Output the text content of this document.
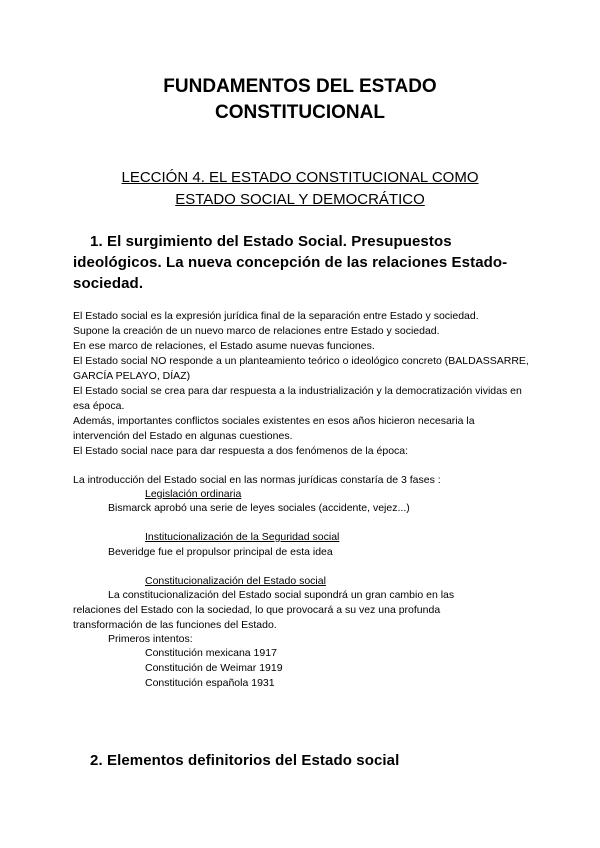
FUNDAMENTOS DEL ESTADO
CONSTITUCIONAL
LECCIÓN 4. EL ESTADO CONSTITUCIONAL COMO
ESTADO SOCIAL Y DEMOCRÁTICO
1. El surgimiento del Estado Social. Presupuestos ideológicos. La nueva concepción de las relaciones Estado-sociedad.

El Estado social es la expresión jurídica final de la separación entre Estado y sociedad.

Supone la creación de un nuevo marco de relaciones entre Estado y sociedad.

En ese marco de relaciones, el Estado asume nuevas funciones.

El Estado social NO responde a un planteamiento teórico o ideológico concreto (BALDASSARRE, GARCÍA PELAYO, DÍAZ)

El Estado social se crea para dar respuesta a la industrialización y la democratización vividas en esa época.

Además, importantes conflictos sociales existentes en esos años hicieron necesaria la intervención del Estado en algunas cuestiones.

El Estado social nace para dar respuesta a dos fenómenos de la época:

La introducción del Estado social en las normas jurídicas constaría de 3 fases :
Legislación ordinaria
Bismarck aprobó una serie de leyes sociales (accidente, vejez...)
Institucionalización de la Seguridad social
Beveridge fue el propulsor principal de esta idea
Constitucionalización del Estado social
La constitucionalización del Estado social supondrá un gran cambio en las relaciones del Estado con la sociedad, lo que provocará a su vez una profunda transformación de las funciones del Estado.
Primeros intentos:
Constitución mexicana 1917
Constitución de Weimar 1919
Constitución española 1931
2. Elementos definitorios del Estado social
